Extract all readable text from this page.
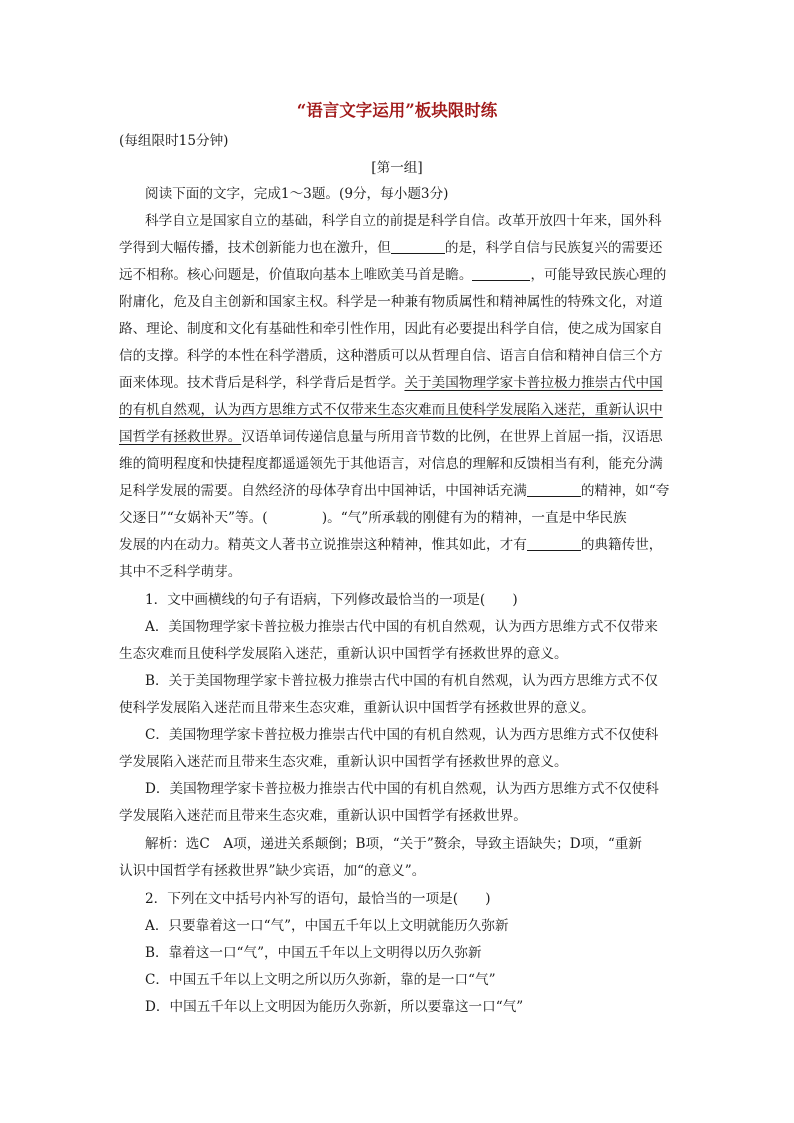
“语言文字运用”板块限时练
(每组限时15分钟)
[第一组]
阅读下面的文字，完成1～3题。(9分，每小题3分)
科学自立是国家自立的基础，科学自立的前提是科学自信。改革开放四十年来，国外科
学得到大幅传播，技术创新能力也在激升，但	的是，科学自信与民族复兴的需要还
远不相称。核心问题是，价值取向基本上唯欧美马首是瞻。	，可能导致民族心理的
附庸化，危及自主创新和国家主权。科学是一种兼有物质属性和精神属性的特殊文化，对道
路、理论、制度和文化有基础性和牵引性作用，因此有必要提出科学自信，使之成为国家自
信的支撑。科学的本性在科学潜质，这种潜质可以从哲理自信、语言自信和精神自信三个方
面来体现。技术背后是科学，科学背后是哲学。关于美国物理学家卡普拉极力推崇古代中国
的有机自然观，认为西方思维方式不仅带来生态灾难而且使科学发展陷入迷茫，重新认识中
国哲学有拯救世界。汉语单词传递信息量与所用音节数的比例，在世界上首屈一指，汉语思
维的简明程度和快捷程度都遥遥领先于其他语言，对信息的理解和反馈相当有利，能充分满
足科学发展的需要。自然经济的母体孕育出中国神话，中国神话充满	的精神，如“夸
父逐日”“女娲补天”等。(　　　　)。“气”所承载的刚健有为的精神，一直是中华民族
发展的内在动力。精英文人著书立说推崇这种精神，惟其如此，才有	的典籍传世，
其中不乏科学萌芽。
1．文中画横线的句子有语病，下列修改最恰当的一项是(　　)
A．美国物理学家卡普拉极力推崇古代中国的有机自然观，认为西方思维方式不仅带来
生态灾难而且使科学发展陷入迷茫，重新认识中国哲学有拯救世界的意义。
B．关于美国物理学家卡普拉极力推崇古代中国的有机自然观，认为西方思维方式不仅
使科学发展陷入迷茫而且带来生态灾难，重新认识中国哲学有拯救世界的意义。
C．美国物理学家卡普拉极力推崇古代中国的有机自然观，认为西方思维方式不仅使科
学发展陷入迷茫而且带来生态灾难，重新认识中国哲学有拯救世界的意义。
D．美国物理学家卡普拉极力推崇古代中国的有机自然观，认为西方思维方式不仅使科
学发展陷入迷茫而且带来生态灾难，重新认识中国哲学有拯救世界。
解析：选C　A项，递进关系颠倒；B项，“关于”赘余，导致主语缺失；D项，“重新
认识中国哲学有拯救世界”缺少宾语，加“的意义”。
2．下列在文中括号内补写的语句，最恰当的一项是(　　)
A．只要靠着这一口“气”，中国五千年以上文明就能历久弥新
B．靠着这一口“气”，中国五千年以上文明得以历久弥新
C．中国五千年以上文明之所以历久弥新，靠的是一口“气”
D．中国五千年以上文明因为能历久弥新，所以要靠这一口“气”
